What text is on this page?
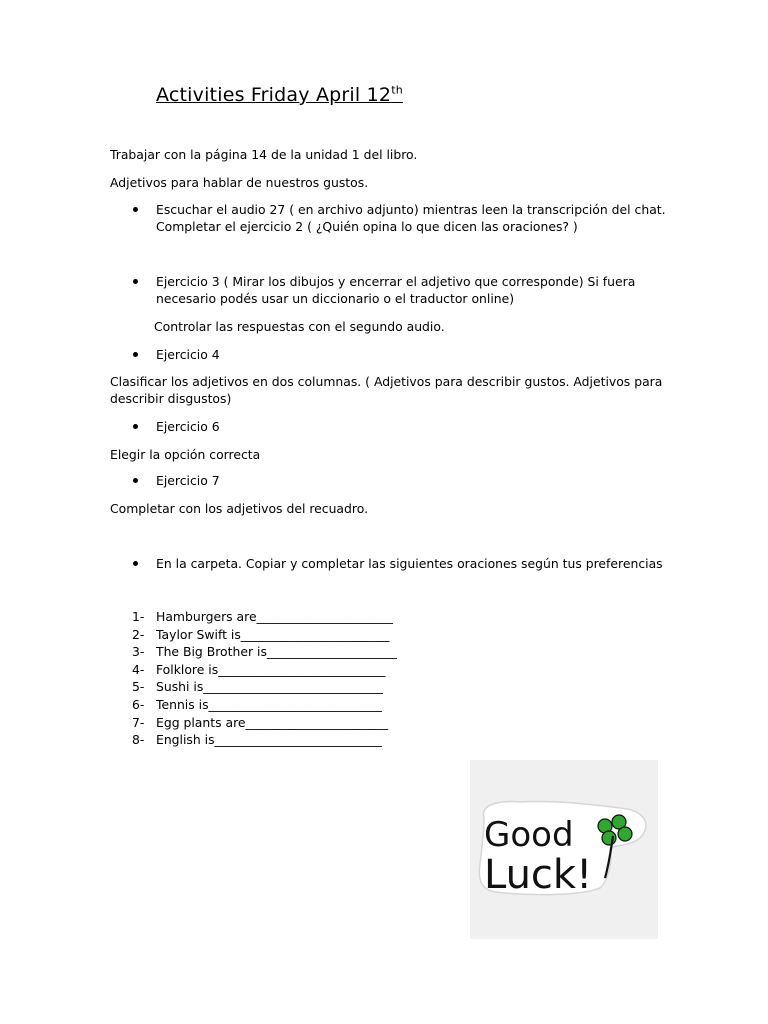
Activities Friday April 12th
Trabajar con la página 14 de la unidad 1 del libro.
Adjetivos para hablar de nuestros gustos.
Escuchar el audio 27 ( en archivo adjunto) mientras leen la transcripción del chat.
Completar el ejercicio 2 ( ¿Quién opina lo que dicen las oraciones? )
Ejercicio 3 ( Mirar los dibujos y encerrar el adjetivo que corresponde) Si fuera
necesario podés usar un diccionario o el traductor online)
Controlar las respuestas con el segundo audio.
Ejercicio 4
Clasificar los adjetivos en dos columnas. ( Adjetivos para describir gustos. Adjetivos para
describir disgustos)
Ejercicio 6
Elegir la opción correcta
Ejercicio 7
Completar con los adjetivos del recuadro.
En la carpeta. Copiar y completar las siguientes oraciones según tus preferencias
1- Hamburgers are______________________
2- Taylor Swift is________________________
3- The Big Brother is_____________________
4- Folklore is___________________________
5- Sushi is_____________________________
6- Tennis is____________________________
7- Egg plants are_______________________
8- English is___________________________
Good
Luck!
